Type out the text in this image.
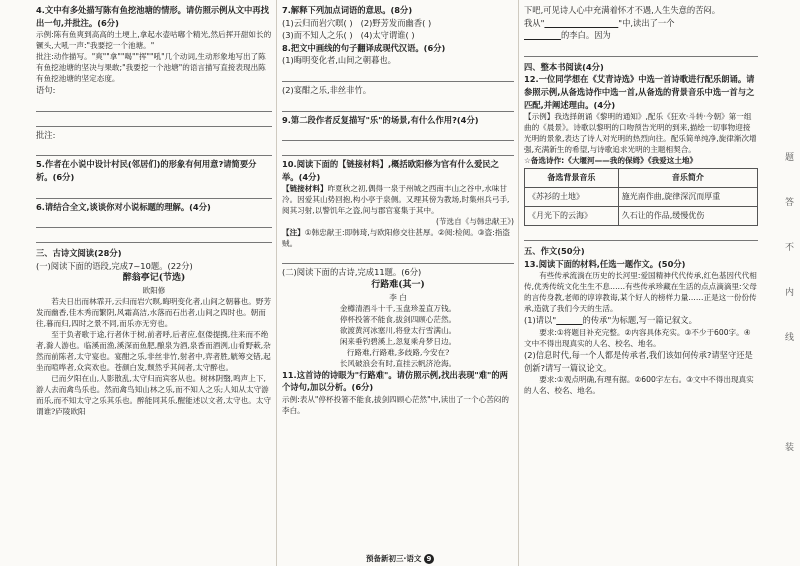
4.文中有多处描写陈有鱼挖池塘的情形。请仿照示例从文中再找出一句,并批注。(6分)

示例:陈有鱼爽到高高的土埂上,拿起水壶咕嘟个精光,然后挥开甜如长的镢头,大吼一声:"我要挖一个池塘。"

批注:动作描写。"爽""拿""喝""挥""吼"几个动词,生动形象地写出了陈有鱼挖池塘的坚决与果敢;"我要挖一个池塘"的语言描写直接表现出陈有鱼挖池塘的坚定态度。

语句:

批注:

5.作者在小说中设计村民(邻居们)的形象有何用意?请简要分析。(6分)

6.请结合全文,谈谈你对小说标题的理解。(4分)

三、古诗文阅读(28分)

(一)阅读下面的语段,完成7~10题。(22分)

醉翁亭记(节选)

欧阳修

若夫日出而林霏开,云归而岩穴暝,晦明变化者,山间之朝暮也。野芳发而幽香,佳木秀而繁阴,风霜高洁,水落而石出者,山间之四时也。朝而往,暮而归,四时之景不同,而乐亦无穷也。

至于负者歌于途,行者休于树,前者呼,后者应,伛偻提携,往来而不绝者,滁人游也。临溪而渔,溪深而鱼肥,酿泉为酒,泉香而酒洌,山肴野蔌,杂然而前陈者,太守宴也。宴酣之乐,非丝非竹,射者中,弈者胜,觥筹交错,起坐而喧哗者,众宾欢也。苍颜白发,颓然乎其间者,太守醉也。

已而夕阳在山,人影散乱,太守归而宾客从也。树林阴翳,鸣声上下,游人去而禽鸟乐也。然而禽鸟知山林之乐,而不知人之乐;人知从太守游而乐,而不知太守之乐其乐也。醉能同其乐,醒能述以文者,太守也。太守谓谁?庐陵欧阳

7.解释下列加点词语的意思。(8分)

(1)云归而岩穴暝( ) (2)野芳发而幽香( )

(3)而不知人之乐( ) (4)太守谓谁( )

8.把文中画线的句子翻译成现代汉语。(6分)

(1)晦明变化者,山间之朝暮也。

(2)宴酣之乐,非丝非竹。

9.第二段作者反复描写"乐"的场景,有什么作用?(4分)

10.阅读下面的【链接材料】,概括欧阳修为官有什么爱民之举。(4分)

【链接材料】昨夏秋之初,偶得一泉于州城之西南丰山之谷中,水味甘冷。因爱其山势回抱,构小亭于泉侧。又理其傍为教场,时集州兵弓手,阅其习射,以警饥年之盗,间与郡官宴集于其中。

(节选自《与韩忠献王》)

【注】①韩忠献王:即韩琦,与欧阳修交往甚厚。②阅:检阅。③盗:指盗贼。

(二)阅读下面的古诗,完成11题。(6分)

行路难(其一)

李 白

金樽清酒斗十千,玉盘珍羞直万钱。

停杯投箸不能食,拔剑四顾心茫然。

欲渡黄河冰塞川,将登太行雪满山。

闲来垂钓碧溪上,忽复乘舟梦日边。

行路难,行路难,多歧路,今安在?

长风破浪会有时,直挂云帆济沧海。

11.这首诗的诗眼为"行路难"。请仿照示例,找出表现"难"的两个诗句,加以分析。(6分)

示例:表从"停杯投箸不能食,拔剑四顾心茫然"中,读出了一个心苦闷的李白。

下吧,可见诗人心中充满着怀才不遇,人生失意的苦闷。

我从"	"中,读出了一个

的李白。因为

四、整本书阅读(4分)

12.一位同学想在《艾青诗选》中选一首诗歌进行配乐朗诵。请参照示例,从备选诗作中选一首,从备选的背景音乐中选一首与之匹配,并阐述理由。(4分)

【示例】我选择朗诵《黎明的通知》,配乐《狂欢·斗转·今朝》第一组曲的《晨景》。诗歌以黎明的口吻预告光明的到来,描绘一切事物迎接光明的景象,表达了诗人对光明的热烈向往。配乐简单纯净,旋律渐次增强,充满新生的希望,与诗歌追求光明的主题相契合。

☆备选诗作:《大堰河——我的保姆》《我爱这土地》

备选背景音乐	音乐简介
《苏衫的土地》	施光南作曲,旋律深沉而厚重
《月光下的云海》	久石让的作品,缓慢优伤

五、作文(50分)

13.阅读下面的材料,任选一题作文。(50分)

有些传承流淌在历史的长河里:爱国精神代代传承,红色基因代代相传,优秀传统文化生生不息……有些传承珍藏在生活的点点滴滴里:父母的言传身教,老师的谆谆教诲,某个好人的榜样力量……正是这一份份传承,造就了我们今天的生活。

(1)请以"	的传承"为标题,写一篇记叙文。

要求:①将题目补充完整。②内容具体充实。③不少于600字。④文中不得出现真实的人名、校名、地名。

(2)信息时代,每一个人都是传承者,我们该如何传承?请坚守还是创新?请写一篇议论文。

要求:①观点明确,有理有据。②600字左右。③文中不得出现真实的人名、校名、地名。

题
答
不
内
线
装
预备新初三·语文 9
